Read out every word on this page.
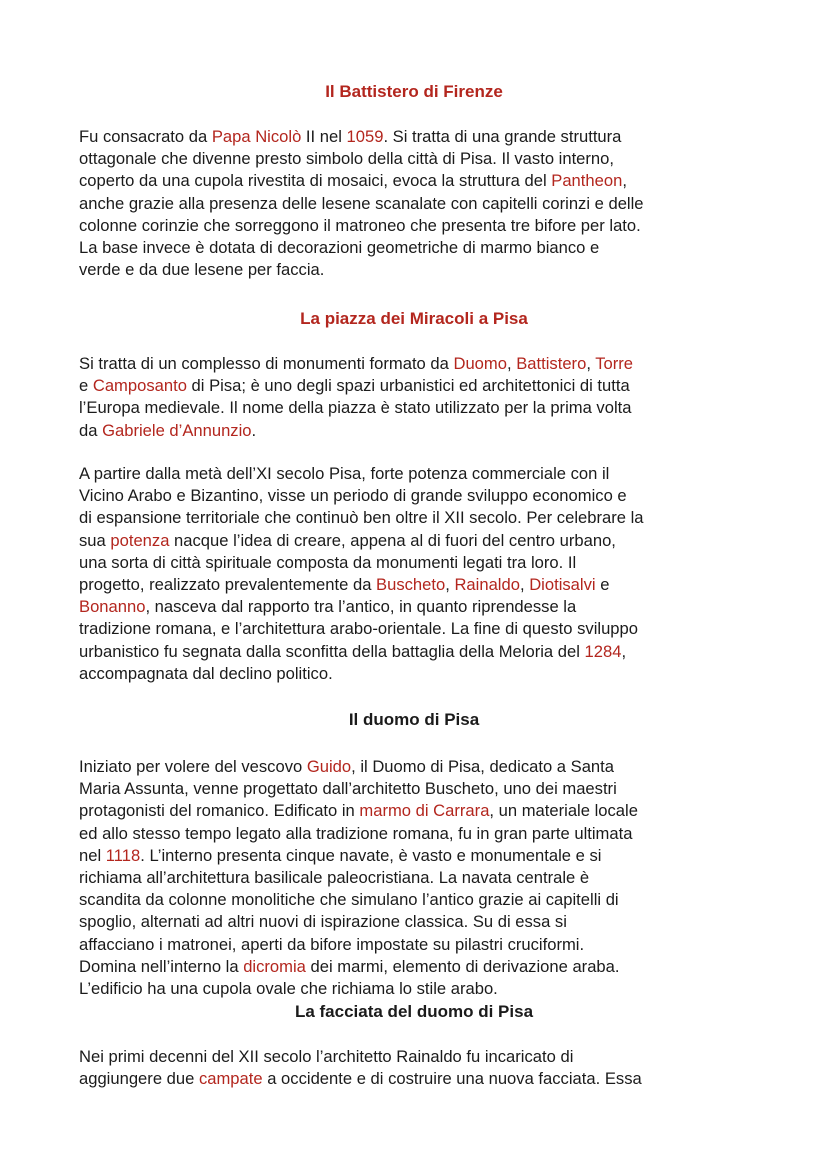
Il Battistero di Firenze

Fu consacrato da Papa Nicolò II nel 1059. Si tratta di una grande struttura
ottagonale che divenne presto simbolo della città di Pisa. Il vasto interno,
coperto da una cupola rivestita di mosaici, evoca la struttura del Pantheon,
anche grazie alla presenza delle lesene scanalate con capitelli corinzi e delle
colonne corinzie che sorreggono il matroneo che presenta tre bifore per lato.
La base invece è dotata di decorazioni geometriche di marmo bianco e
verde e da due lesene per faccia.

La piazza dei Miracoli a Pisa

Si tratta di un complesso di monumenti formato da Duomo, Battistero, Torre
e Camposanto di Pisa; è uno degli spazi urbanistici ed architettonici di tutta
l’Europa medievale. Il nome della piazza è stato utilizzato per la prima volta
da Gabriele d’Annunzio.

A partire dalla metà dell’XI secolo Pisa, forte potenza commerciale con il
Vicino Arabo e Bizantino, visse un periodo di grande sviluppo economico e
di espansione territoriale che continuò ben oltre il XII secolo. Per celebrare la
sua potenza nacque l’idea di creare, appena al di fuori del centro urbano,
una sorta di città spirituale composta da monumenti legati tra loro. Il
progetto, realizzato prevalentemente da Buscheto, Rainaldo, Diotisalvi e
Bonanno, nasceva dal rapporto tra l’antico, in quanto riprendesse la
tradizione romana, e l’architettura arabo-orientale. La fine di questo sviluppo
urbanistico fu segnata dalla sconfitta della battaglia della Meloria del 1284,
accompagnata dal declino politico.

Il duomo di Pisa

Iniziato per volere del vescovo Guido, il Duomo di Pisa, dedicato a Santa
Maria Assunta, venne progettato dall’architetto Buscheto, uno dei maestri
protagonisti del romanico. Edificato in marmo di Carrara, un materiale locale
ed allo stesso tempo legato alla tradizione romana, fu in gran parte ultimata
nel 1118. L’interno presenta cinque navate, è vasto e monumentale e si
richiama all’architettura basilicale paleocristiana. La navata centrale è
scandita da colonne monolitiche che simulano l’antico grazie ai capitelli di
spoglio, alternati ad altri nuovi di ispirazione classica. Su di essa si
affacciano i matronei, aperti da bifore impostate su pilastri cruciformi.
Domina nell’interno la dicromia dei marmi, elemento di derivazione araba.
L’edificio ha una cupola ovale che richiama lo stile arabo.

La facciata del duomo di Pisa

Nei primi decenni del XII secolo l’architetto Rainaldo fu incaricato di
aggiungere due campate a occidente e di costruire una nuova facciata. Essa
